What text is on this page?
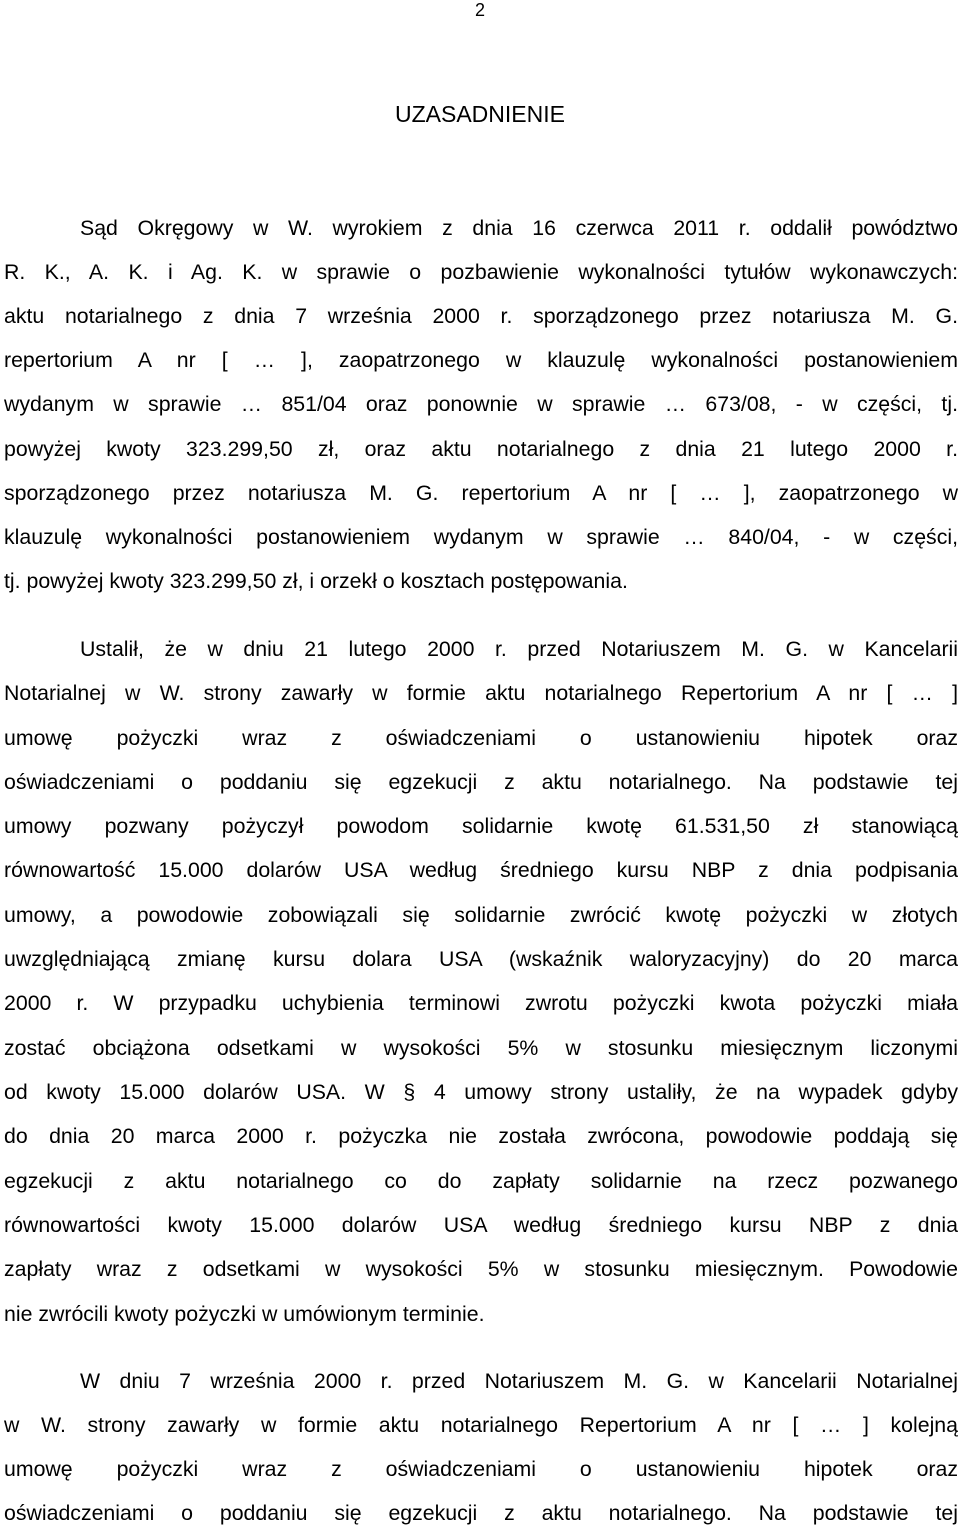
2
UZASADNIENIE
Sąd Okręgowy w W. wyrokiem z dnia 16 czerwca 2011 r. oddalił powództwo
R. K., A. K. i Ag. K. w sprawie o pozbawienie wykonalności tytułów wykonawczych:
aktu notarialnego z dnia 7 września 2000 r. sporządzonego przez notariusza M. G.
repertorium A nr [ … ], zaopatrzonego w klauzulę wykonalności postanowieniem
wydanym w sprawie … 851/04 oraz ponownie w sprawie … 673/08, - w części, tj.
powyżej kwoty 323.299,50 zł, oraz aktu notarialnego z dnia 21 lutego 2000 r.
sporządzonego przez notariusza M. G. repertorium A nr [ … ], zaopatrzonego w
klauzulę wykonalności postanowieniem wydanym w sprawie … 840/04, - w części,
tj. powyżej kwoty 323.299,50 zł, i orzekł o kosztach postępowania.
Ustalił, że w dniu 21 lutego 2000 r. przed Notariuszem M. G. w Kancelarii
Notarialnej w W. strony zawarły w formie aktu notarialnego Repertorium A nr [ … ]
umowę pożyczki wraz z oświadczeniami o ustanowieniu hipotek oraz
oświadczeniami o poddaniu się egzekucji z aktu notarialnego. Na podstawie tej
umowy pozwany pożyczył powodom solidarnie kwotę 61.531,50 zł stanowiącą
równowartość 15.000 dolarów USA według średniego kursu NBP z dnia podpisania
umowy, a powodowie zobowiązali się solidarnie zwrócić kwotę pożyczki w złotych
uwzględniającą zmianę kursu dolara USA (wskaźnik waloryzacyjny) do 20 marca
2000 r. W przypadku uchybienia terminowi zwrotu pożyczki kwota pożyczki miała
zostać obciążona odsetkami w wysokości 5% w stosunku miesięcznym liczonymi
od kwoty 15.000 dolarów USA. W § 4 umowy strony ustaliły, że na wypadek gdyby
do dnia 20 marca 2000 r. pożyczka nie została zwrócona, powodowie poddają się
egzekucji z aktu notarialnego co do zapłaty solidarnie na rzecz pozwanego
równowartości kwoty 15.000 dolarów USA według średniego kursu NBP z dnia
zapłaty wraz z odsetkami w wysokości 5% w stosunku miesięcznym. Powodowie
nie zwrócili kwoty pożyczki w umówionym terminie.
W dniu 7 września 2000 r. przed Notariuszem M. G. w Kancelarii Notarialnej
w W. strony zawarły w formie aktu notarialnego Repertorium A nr [ … ] kolejną
umowę pożyczki wraz z oświadczeniami o ustanowieniu hipotek oraz
oświadczeniami o poddaniu się egzekucji z aktu notarialnego. Na podstawie tej
